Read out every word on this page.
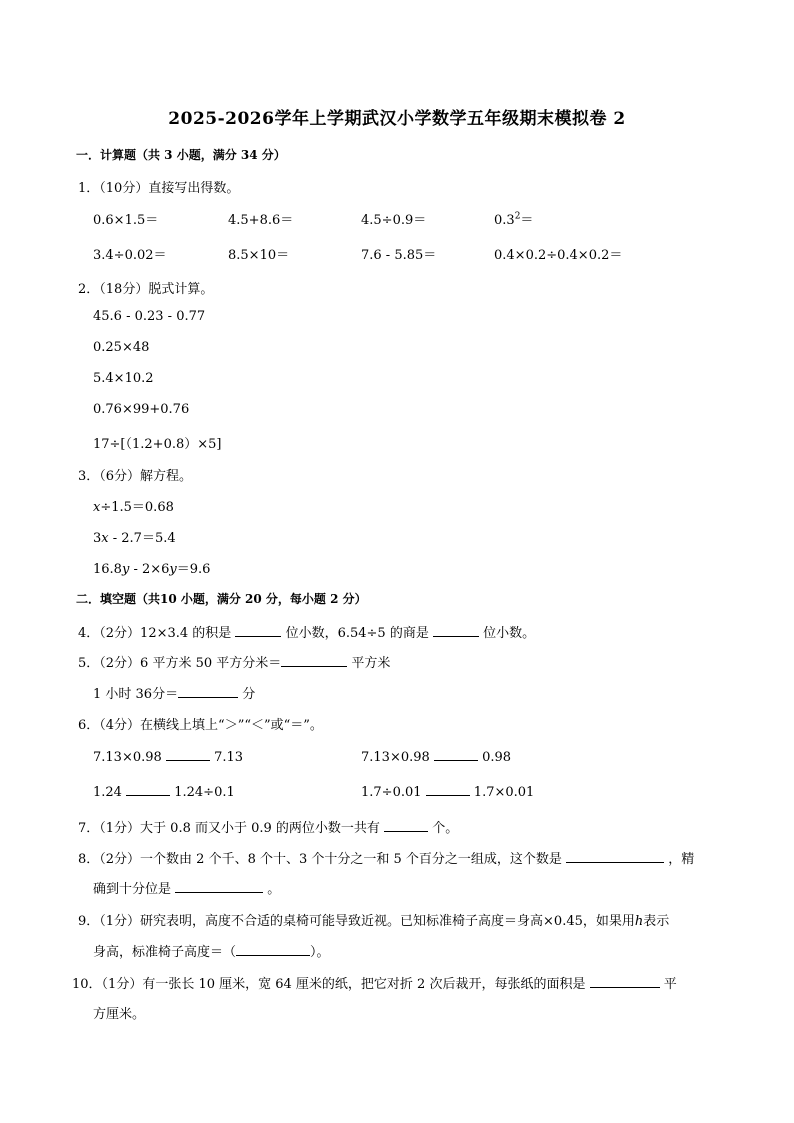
2025-2026学年上学期武汉小学数学五年级期末模拟卷 2
一．计算题（共 3 小题，满分 34 分）
1．（10分）直接写出得数。
0.6×1.5＝	4.5+8.6＝	4.5÷0.9＝	$0.3^2=$
3.4÷0.02＝	8.5×10＝	7.6 - 5.85＝	0.4×0.2÷0.4×0.2＝
2．（18分）脱式计算。
45.6 - 0.23 - 0.77
0.25×48
5.4×10.2
0.76×99+0.76
17÷[（1.2+0.8）×5]
3．（6分）解方程。
x÷1.5＝0.68
3x - 2.7＝5.4
16.8y - 2×6y＝9.6
二．填空题（共10 小题，满分 20 分，每小题 2 分）
4．（2分）12×3.4 的积是	位小数，6.54÷5 的商是	位小数。
5．（2分）6 平方米 50 平方分米＝	平方米
1 小时 36分＝	分
6．（4分）在横线上填上“＞”“＜”或“＝”。
7.13×0.98	7.13	7.13×0.98	0.98
1.24	1.24÷0.1	1.7÷0.01	1.7×0.01
7．（1分）大于 0.8 而又小于 0.9 的两位小数一共有	个。
8．（2分）一个数由 2 个千、8 个十、3 个十分之一和 5 个百分之一组成，这个数是	，精
确到十分位是	。
9．（1分）研究表明，高度不合适的桌椅可能导致近视。已知标准椅子高度＝身高×0.45，如果用h表示
身高，标准椅子高度＝（	）。
10．（1分）有一张长 10 厘米，宽 64 厘米的纸，把它对折 2 次后裁开，每张纸的面积是	平
方厘米。
